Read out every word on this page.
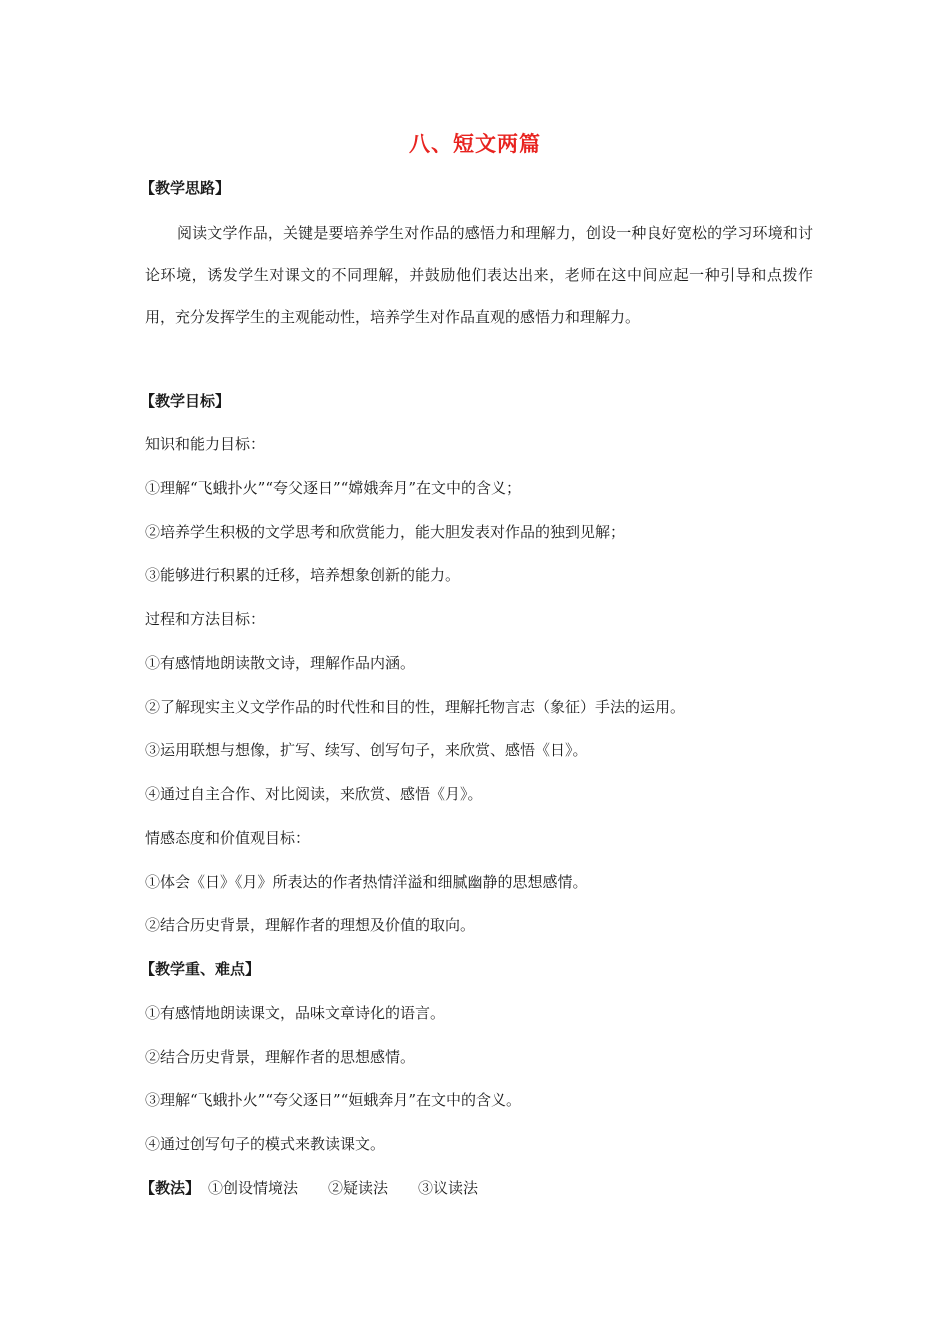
八、短文两篇
【教学思路】
阅读文学作品，关键是要培养学生对作品的感悟力和理解力，创设一种良好宽松的学习环境和讨论环境，诱发学生对课文的不同理解，并鼓励他们表达出来，老师在这中间应起一种引导和点拨作用，充分发挥学生的主观能动性，培养学生对作品直观的感悟力和理解力。
【教学目标】
知识和能力目标：
①理解“飞蛾扑火”“夸父逐日”“嫦娥奔月”在文中的含义；
②培养学生积极的文学思考和欣赏能力，能大胆发表对作品的独到见解；
③能够进行积累的迁移，培养想象创新的能力。
过程和方法目标：
①有感情地朗读散文诗，理解作品内涵。
②了解现实主义文学作品的时代性和目的性，理解托物言志（象征）手法的运用。
③运用联想与想像，扩写、续写、创写句子，来欣赏、感悟《日》。
④通过自主合作、对比阅读，来欣赏、感悟《月》。
情感态度和价值观目标：
①体会《日》《月》所表达的作者热情洋溢和细腻幽静的思想感情。
②结合历史背景，理解作者的理想及价值的取向。
【教学重、难点】
①有感情地朗读课文，品味文章诗化的语言。
②结合历史背景，理解作者的思想感情。
③理解“飞蛾扑火”“夸父逐日”“姮蛾奔月”在文中的含义。
④通过创写句子的模式来教读课文。
【教法】 ①创设情境法 ②疑读法 ③议读法
